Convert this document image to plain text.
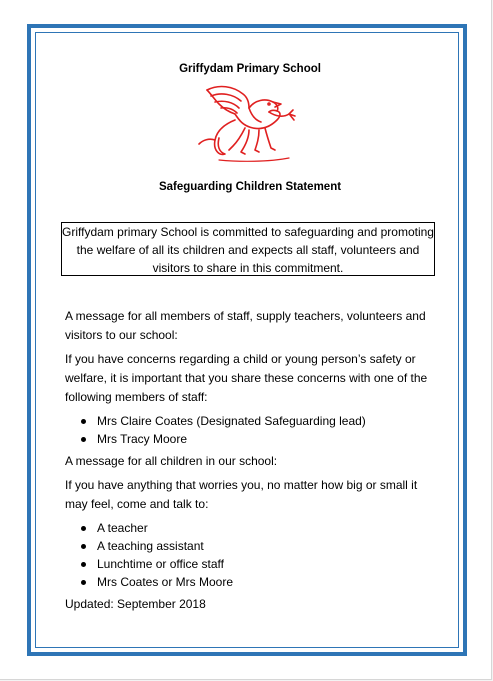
Griffydam Primary School

Safeguarding Children Statement

Griffydam primary School is committed to safeguarding and promoting the welfare of all its children and expects all staff, volunteers and visitors to share in this commitment.

A message for all members of staff, supply teachers, volunteers and visitors to our school:

If you have concerns regarding a child or young person’s safety or welfare, it is important that you share these concerns with one of the following members of staff:

Mrs Claire Coates (Designated Safeguarding lead)
Mrs Tracy Moore

A message for all children in our school:

If you have anything that worries you, no matter how big or small it may feel, come and talk to:

A teacher
A teaching assistant
Lunchtime or office staff
Mrs Coates or Mrs Moore

Updated: September 2018
